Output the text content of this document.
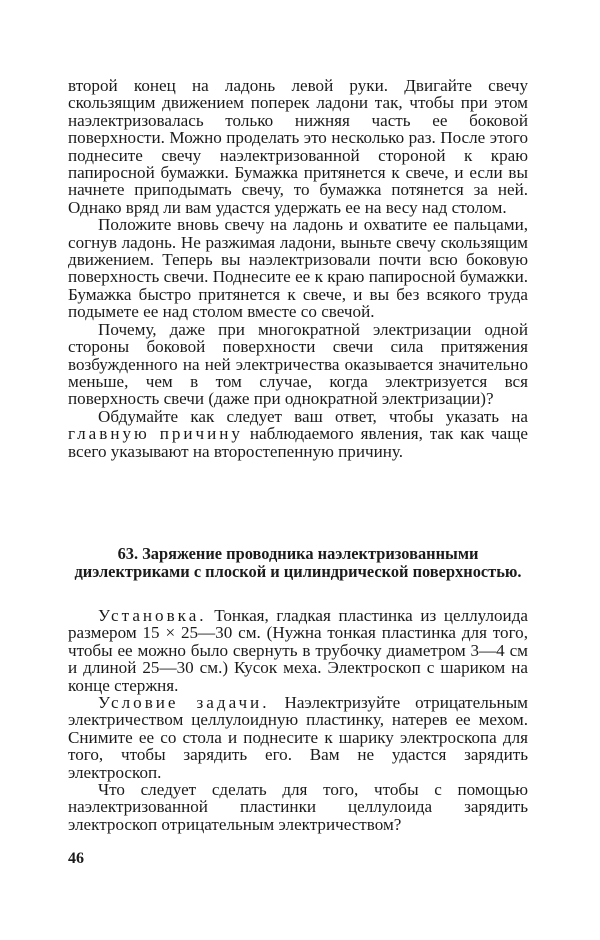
второй конец на ладонь левой руки. Двигайте свечу скользящим движением поперек ладони так, чтобы при этом наэлектризовалась только нижняя часть ее боковой поверхности. Можно проделать это несколько раз. После этого поднесите свечу наэлектризованной стороной к краю папиросной бумажки. Бумажка притянется к свече, и если вы начнете приподымать свечу, то бумажка потянется за ней. Однако вряд ли вам удастся удержать ее на весу над столом.

Положите вновь свечу на ладонь и охватите ее пальцами, согнув ладонь. Не разжимая ладони, выньте свечу скользящим движением. Теперь вы наэлектризовали почти всю боковую поверхность свечи. Поднесите ее к краю папиросной бумажки. Бумажка быстро притянется к свече, и вы без всякого труда подымете ее над столом вместе со свечой.

Почему, даже при многократной электризации одной стороны боковой поверхности свечи сила притяжения возбужденного на ней электричества оказывается значительно меньше, чем в том случае, когда электризуется вся поверхность свечи (даже при однократной электризации)?

Обдумайте как следует ваш ответ, чтобы указать на главную причину наблюдаемого явления, так как чаще всего указывают на второстепенную причину.

63. Заряжение проводника наэлектризованными диэлектриками с плоской и цилиндрической поверхностью.

Установка. Тонкая, гладкая пластинка из целлулоида размером 15 × 25—30 см. (Нужна тонкая пластинка для того, чтобы ее можно было свернуть в трубочку диаметром 3—4 см и длиной 25—30 см.) Кусок меха. Электроскоп с шариком на конце стержня.

Условие задачи. Наэлектризуйте отрицательным электричеством целлулоидную пластинку, натерев ее мехом. Снимите ее со стола и поднесите к шарику электроскопа для того, чтобы зарядить его. Вам не удастся зарядить электроскоп.

Что следует сделать для того, чтобы с помощью наэлектризованной пластинки целлулоида зарядить электроскоп отрицательным электричеством?

46
